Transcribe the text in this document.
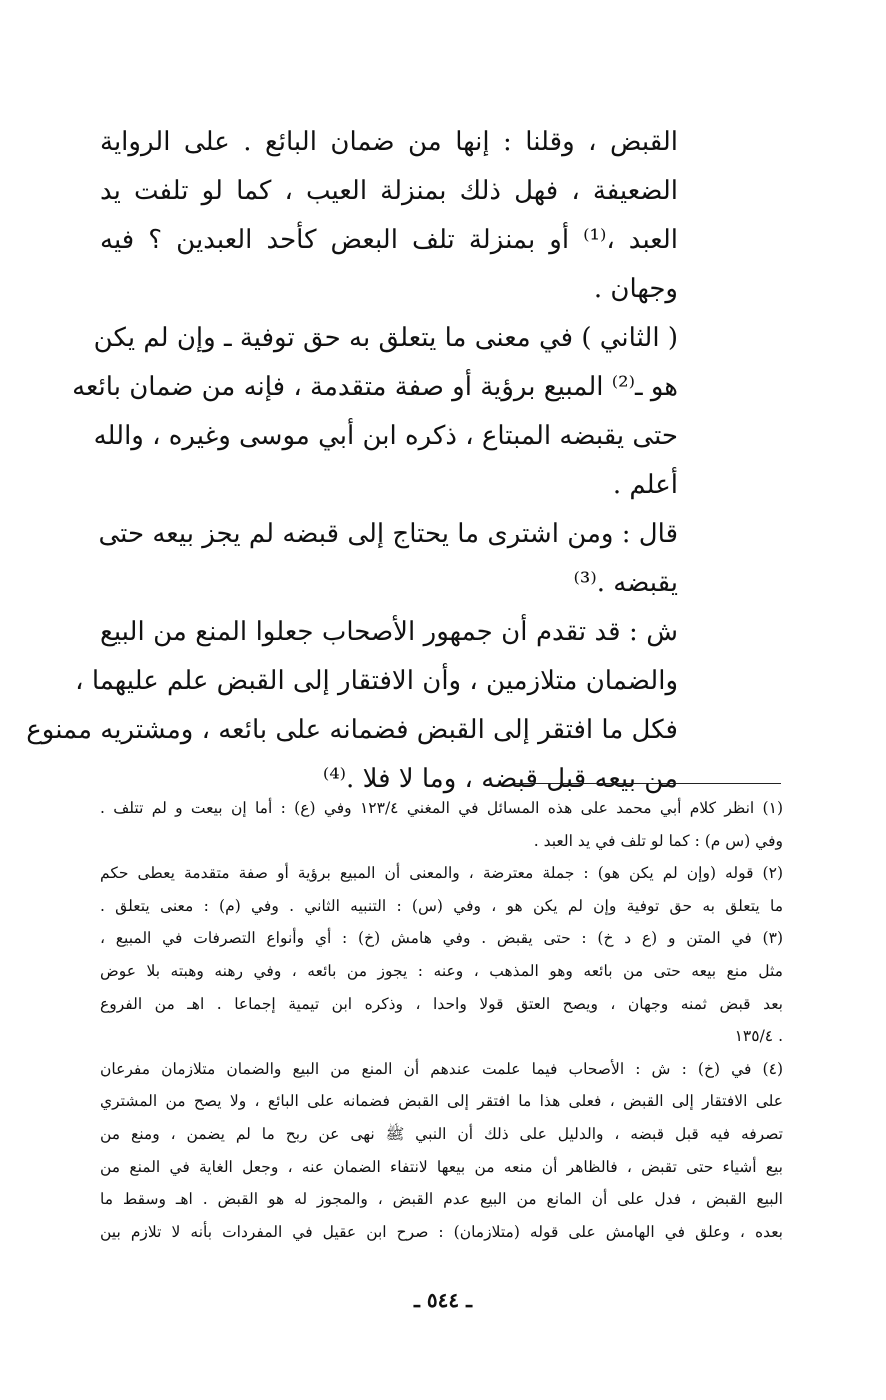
القبض ، وقلنا : إنها من ضمان البائع . على الرواية
الضعيفة ، فهل ذلك بمنزلة العيب ، كما لو تلفت يد
العبد ،⁽¹⁾ أو بمنزلة تلف البعض كأحد العبدين ؟ فيه
وجهان .
( الثاني ) في معنى ما يتعلق به حق توفية ـ وإن لم يكن
هو ـ⁽²⁾ المبيع برؤية أو صفة متقدمة ، فإنه من ضمان بائعه
حتى يقبضه المبتاع ، ذكره ابن أبي موسى وغيره ، والله
أعلم .
قال : ومن اشترى ما يحتاج إلى قبضه لم يجز بيعه حتى
يقبضه .⁽³⁾
ش : قد تقدم أن جمهور الأصحاب جعلوا المنع من البيع
والضمان متلازمين ، وأن الافتقار إلى القبض علم عليهما ،
فكل ما افتقر إلى القبض فضمانه على بائعه ، ومشتريه ممنوع
من بيعه قبل قبضه ، وما لا فلا .⁽⁴⁾
(١) انظر كلام أبي محمد على هذه المسائل في المغني ١٢٣/٤ وفي (ع) : أما إن بيعت و لم تتلف .
وفي (س م) : كما لو تلف في يد العبد .
(٢) قوله (وإن لم يكن هو) : جملة معترضة ، والمعنى أن المبيع برؤية أو صفة متقدمة يعطى حكم
ما يتعلق به حق توفية وإن لم يكن هو ، وفي (س) : التنبيه الثاني . وفي (م) : معنى يتعلق .
(٣) في المتن و (ع د خ) : حتى يقبض . وفي هامش (خ) : أي وأنواع التصرفات في المبيع ،
مثل منع بيعه حتى من بائعه وهو المذهب ، وعنه : يجوز من بائعه ، وفي رهنه وهبته بلا عوض
بعد قبض ثمنه وجهان ، ويصح العتق قولا واحدا ، وذكره ابن تيمية إجماعا . اهـ من الفروع
. ١٣٥/٤
(٤) في (خ) : ش : الأصحاب فيما علمت عندهم أن المنع من البيع والضمان متلازمان مفرعان
على الافتقار إلى القبض ، فعلى هذا ما افتقر إلى القبض فضمانه على البائع ، ولا يصح من المشتري
تصرفه فيه قبل قبضه ، والدليل على ذلك أن النبي ﷺ نهى عن ربح ما لم يضمن ، ومنع من
بيع أشياء حتى تقبض ، فالظاهر أن منعه من بيعها لانتفاء الضمان عنه ، وجعل الغاية في المنع من
البيع القبض ، فدل على أن المانع من البيع عدم القبض ، والمجوز له هو القبض . اهـ وسقط ما
بعده ، وعلق في الهامش على قوله (متلازمان) : صرح ابن عقيل في المفردات بأنه لا تلازم بين
ـ ٥٤٤ ـ
